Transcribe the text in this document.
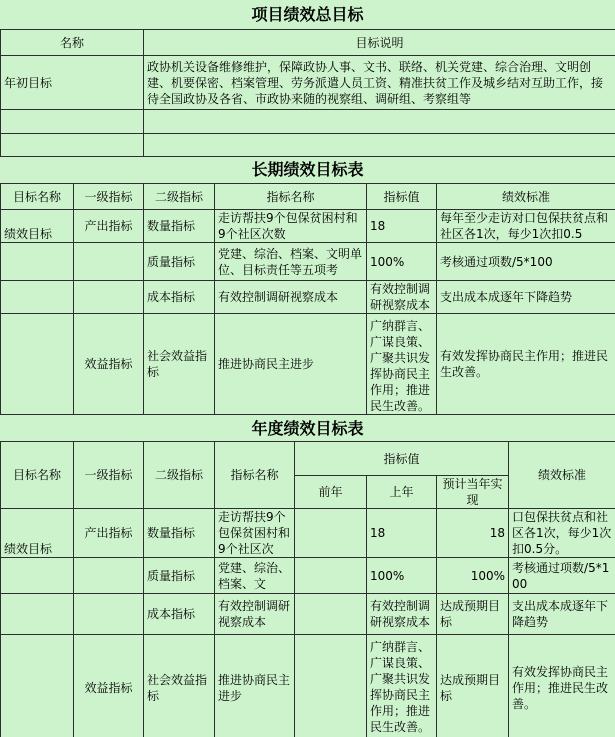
项目绩效总目标
名称	目标说明
年初目标	政协机关设备维修维护，保障政协人事、文书、联络、机关党建、综合治理、文明创建、机要保密、档案管理、劳务派遣人员工资、精准扶贫工作及城乡结对互助工作，接待全国政协及各省、市政协来随的视察组、调研组、考察组等

长期绩效目标表
目标名称	一级指标	二级指标	指标名称	指标值	绩效标准
绩效目标	产出指标	数量指标	走访帮扶9个包保贫困村和9个社区次数	18	每年至少走访对口包保扶贫点和社区各1次，每少1次扣0.5
		质量指标	党建、综治、档案、文明单位、目标责任等五项考	100%	考核通过项数/5*100
		成本指标	有效控制调研视察成本	有效控制调研视察成本	支出成本成逐年下降趋势
	效益指标	社会效益指标	推进协商民主进步	广纳群言、广谋良策、广聚共识发挥协商民主作用；推进民生改善。	有效发挥协商民主作用；推进民生改善。
年度绩效目标表
目标名称	一级指标	二级指标	指标名称	指标值			绩效标准
				前年	上年	预计当年实现	
绩效目标	产出指标	数量指标	走访帮扶9个包保贫困村和9个社区次		18	18	口包保扶贫点和社区各1次，每少1次扣0.5分。
		质量指标	党建、综治、档案、文		100%	100%	考核通过项数/5*100
		成本指标	有效控制调研视察成本		有效控制调研视察成本	达成预期目标	支出成本成逐年下降趋势
	效益指标	社会效益指标	推进协商民主进步		广纳群言、广谋良策、广聚共识发挥协商民主作用；推进民生改善。	达成预期目标	有效发挥协商民主作用；推进民生改善。
